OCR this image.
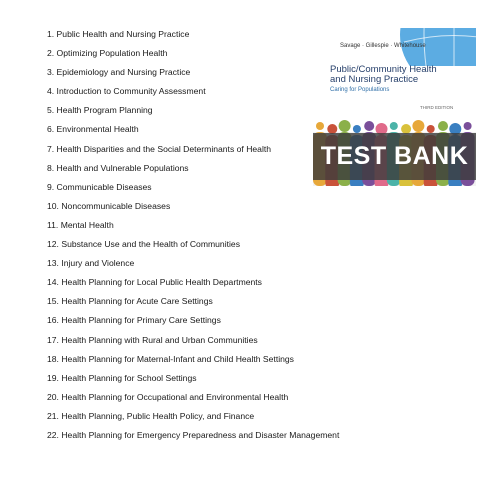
1. Public Health and Nursing Practice
2. Optimizing Population Health
3. Epidemiology and Nursing Practice
4. Introduction to Community Assessment
5. Health Program Planning
6. Environmental Health
7. Health Disparities and the Social Determinants of Health
8. Health and Vulnerable Populations
9. Communicable Diseases
10. Noncommunicable Diseases
11. Mental Health
12. Substance Use and the Health of Communities
13. Injury and Violence
14. Health Planning for Local Public Health Departments
15. Health Planning for Acute Care Settings
16. Health Planning for Primary Care Settings
17. Health Planning with Rural and Urban Communities
18. Health Planning for Maternal-Infant and Child Health Settings
19. Health Planning for School Settings
20. Health Planning for Occupational and Environmental Health
21. Health Planning, Public Health Policy, and Finance
22. Health Planning for Emergency Preparedness and Disaster Management
Savage · Gillespie · Whitehouse
Public/Community Health
and Nursing Practice
Caring for Populations
THIRD EDITION
TEST BANK
